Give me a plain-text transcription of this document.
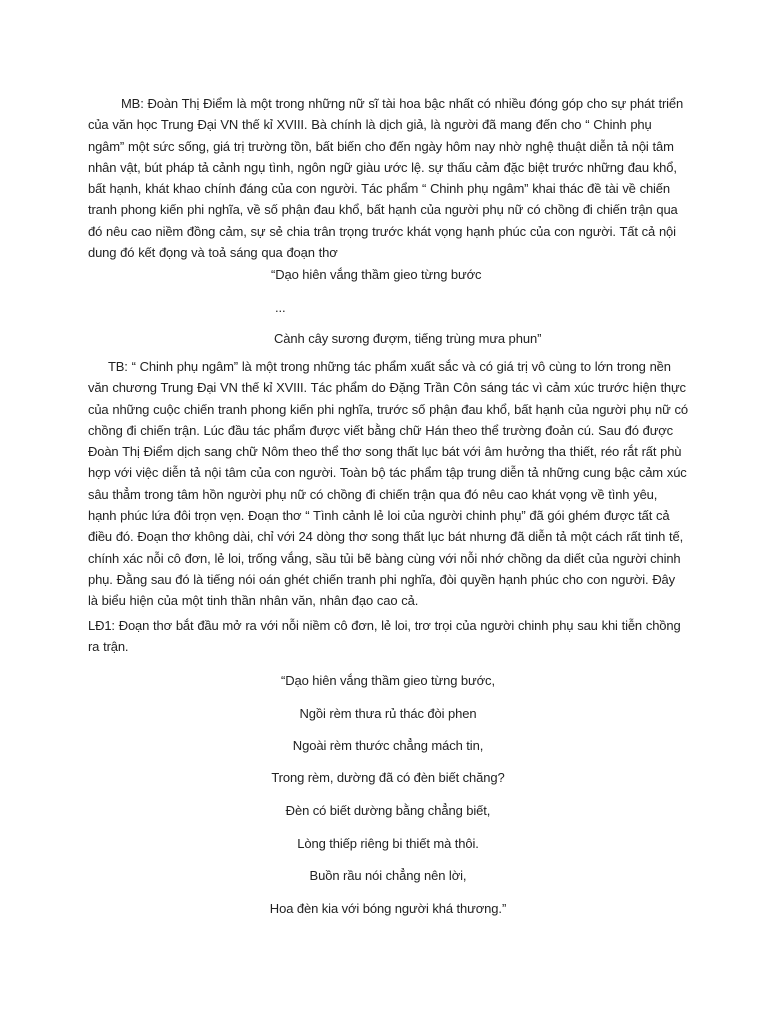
MB: Đoàn Thị Điểm là một trong những nữ sĩ tài hoa bậc nhất có nhiều đóng góp cho sự phát triển của văn học Trung Đại VN thế kỉ XVIII. Bà chính là dịch giả, là người đã mang đến cho “ Chinh phụ ngâm” một sức sống, giá trị trường tồn, bất biến cho đến ngày hôm nay nhờ nghệ thuật diễn tả nội tâm nhân vật, bút pháp tả cảnh ngụ tình, ngôn ngữ giàu ước lệ. sự thấu cảm đặc biệt trước những đau khổ, bất hạnh, khát khao chính đáng của con người. Tác phẩm “ Chinh phụ ngâm” khai thác đề tài về chiến tranh phong kiến phi nghĩa, về số phận đau khổ, bất hạnh của người phụ nữ có chồng đi chiến trận qua đó nêu cao niềm đồng cảm, sự sẻ chia trân trọng trước khát vọng hạnh phúc của con người. Tất cả nội dung đó kết đọng và toả sáng qua đoạn thơ

“Dạo hiên vắng thầm gieo từng bước

...

Cành cây sương đượm, tiếng trùng mưa phun”

TB: “ Chinh phụ ngâm” là một trong những tác phẩm xuất sắc và có giá trị vô cùng to lớn trong nền văn chương Trung Đại VN thế kỉ XVIII. Tác phẩm do Đặng Trần Côn sáng tác vì cảm xúc trước hiện thực của những cuộc chiến tranh phong kiến phi nghĩa, trước số phận đau khổ, bất hạnh của người phụ nữ có chồng đi chiến trận. Lúc đầu tác phẩm được viết bằng chữ Hán theo thể trường đoản cú. Sau đó được Đoàn Thị Điểm dịch sang chữ Nôm theo thể thơ song thất lục bát với âm hưởng tha thiết, réo rắt rất phù hợp với việc diễn tả nội tâm của con người. Toàn bộ tác phẩm tập trung diễn tả những cung bậc cảm xúc sâu thẳm trong tâm hồn người phụ nữ có chồng đi chiến trận qua đó nêu cao khát vọng về tình yêu, hạnh phúc lứa đôi trọn vẹn. Đoạn thơ “ Tình cảnh lẻ loi của người chinh phụ” đã gói ghém được tất cả điều đó. Đoạn thơ không dài, chỉ với 24 dòng thơ song thất lục bát nhưng đã diễn tả một cách rất tinh tế, chính xác nỗi cô đơn, lẻ loi, trống vắng, sầu tủi bẽ bàng cùng với nỗi nhớ chồng da diết của người chinh phụ. Đằng sau đó là tiếng nói oán ghét chiến tranh phi nghĩa, đòi quyền hạnh phúc cho con người. Đây là biểu hiện của một tinh thần nhân văn, nhân đạo cao cả.

LĐ1: Đoạn thơ bắt đầu mở ra với nỗi niềm cô đơn, lẻ loi, trơ trọi của người chinh phụ sau khi tiễn chồng ra trận.

“Dạo hiên vắng thầm gieo từng bước,

Ngồi rèm thưa rủ thác đòi phen

Ngoài rèm thước chẳng mách tin,

Trong rèm, dường đã có đèn biết chăng?

Đèn có biết dường bằng chẳng biết,

Lòng thiếp riêng bi thiết mà thôi.

Buồn rầu nói chẳng nên lời,

Hoa đèn kia với bóng người khá thương.”
